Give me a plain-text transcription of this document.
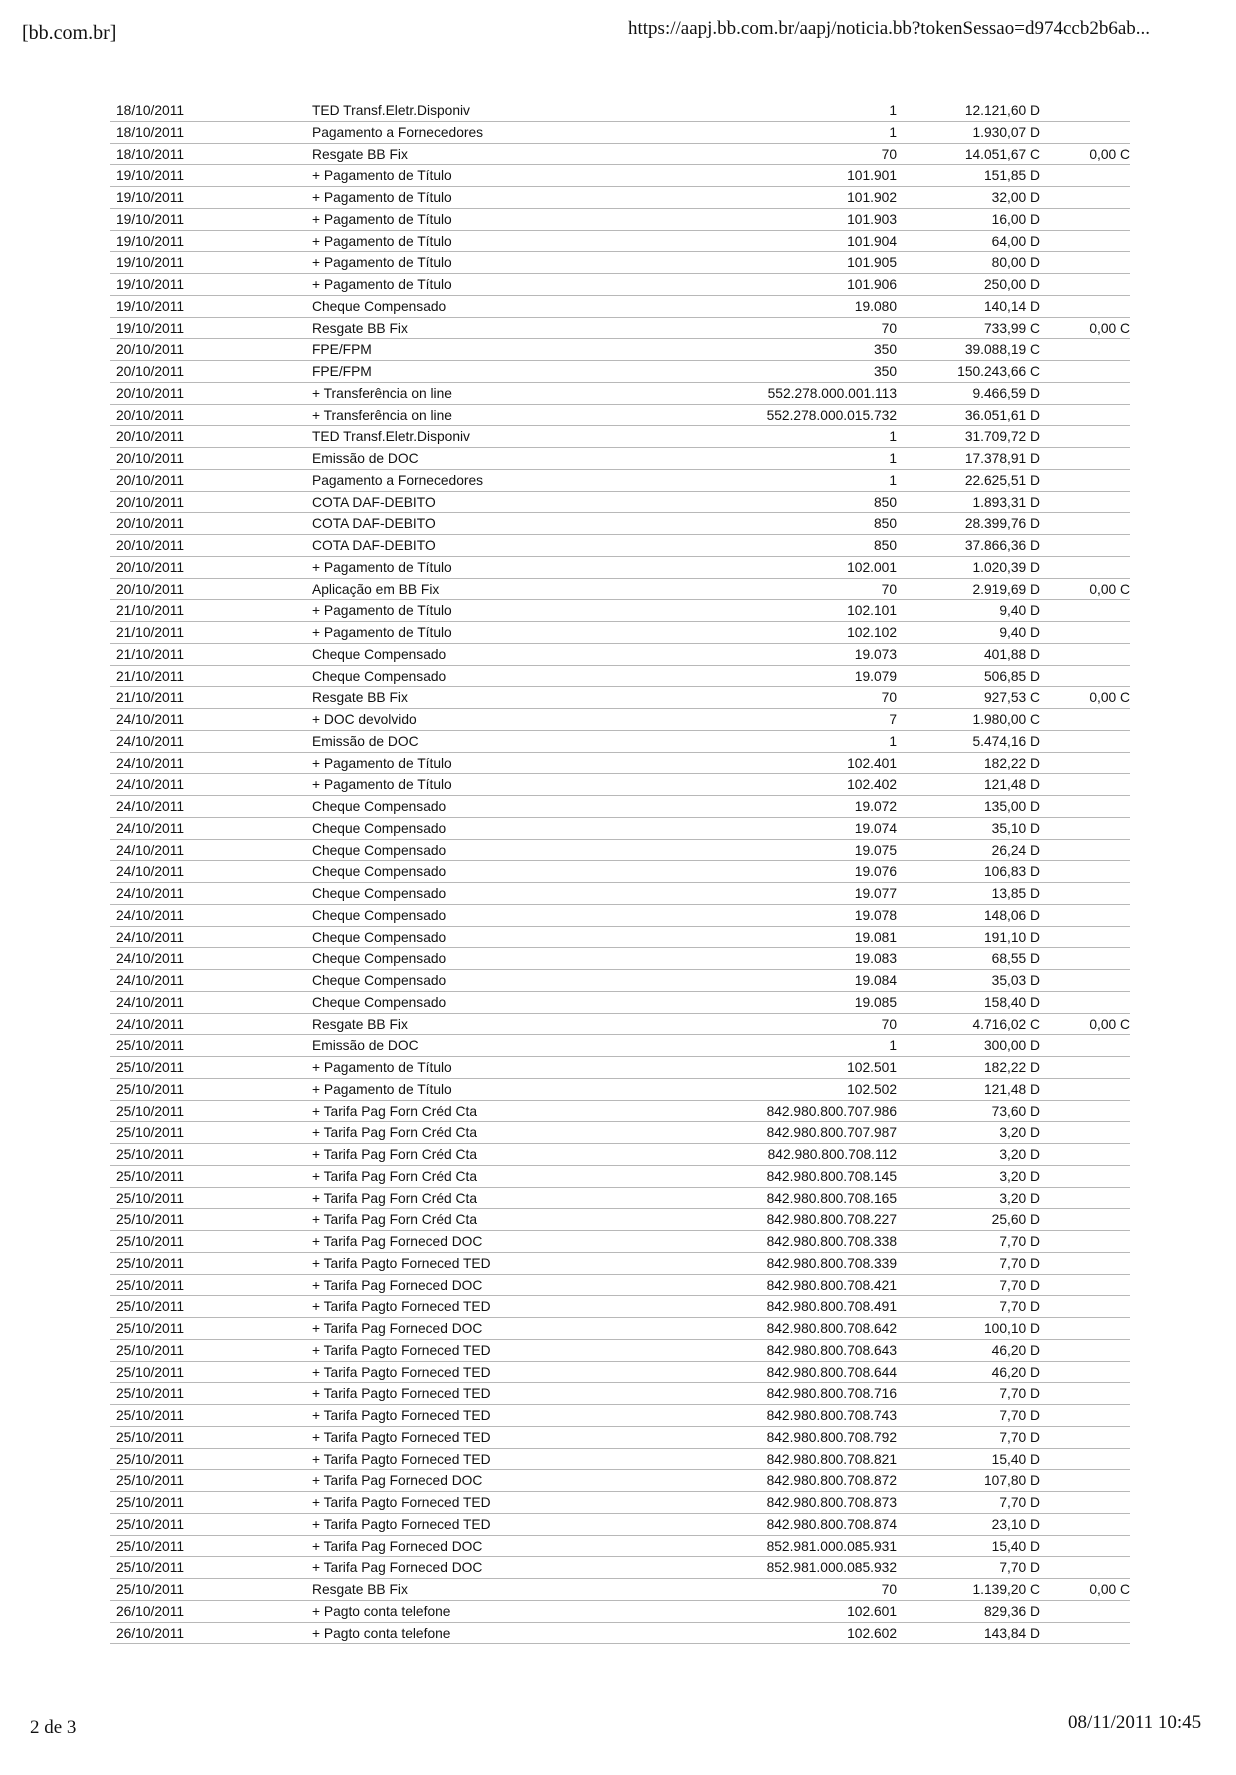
[bb.com.br]	https://aapj.bb.com.br/aapj/noticia.bb?tokenSessao=d974ccb2b6ab...
18/10/2011	TED Transf.Eletr.Disponiv	1	12.121,60 D
18/10/2011	Pagamento a Fornecedores	1	1.930,07 D
18/10/2011	Resgate BB Fix	70	14.051,67 C	0,00 C
19/10/2011	+ Pagamento de Título	101.901	151,85 D
19/10/2011	+ Pagamento de Título	101.902	32,00 D
19/10/2011	+ Pagamento de Título	101.903	16,00 D
19/10/2011	+ Pagamento de Título	101.904	64,00 D
19/10/2011	+ Pagamento de Título	101.905	80,00 D
19/10/2011	+ Pagamento de Título	101.906	250,00 D
19/10/2011	Cheque Compensado	19.080	140,14 D
19/10/2011	Resgate BB Fix	70	733,99 C	0,00 C
20/10/2011	FPE/FPM	350	39.088,19 C
20/10/2011	FPE/FPM	350	150.243,66 C
20/10/2011	+ Transferência on line	552.278.000.001.113	9.466,59 D
20/10/2011	+ Transferência on line	552.278.000.015.732	36.051,61 D
20/10/2011	TED Transf.Eletr.Disponiv	1	31.709,72 D
20/10/2011	Emissão de DOC	1	17.378,91 D
20/10/2011	Pagamento a Fornecedores	1	22.625,51 D
20/10/2011	COTA DAF-DEBITO	850	1.893,31 D
20/10/2011	COTA DAF-DEBITO	850	28.399,76 D
20/10/2011	COTA DAF-DEBITO	850	37.866,36 D
20/10/2011	+ Pagamento de Título	102.001	1.020,39 D
20/10/2011	Aplicação em BB Fix	70	2.919,69 D	0,00 C
21/10/2011	+ Pagamento de Título	102.101	9,40 D
21/10/2011	+ Pagamento de Título	102.102	9,40 D
21/10/2011	Cheque Compensado	19.073	401,88 D
21/10/2011	Cheque Compensado	19.079	506,85 D
21/10/2011	Resgate BB Fix	70	927,53 C	0,00 C
24/10/2011	+ DOC devolvido	7	1.980,00 C
24/10/2011	Emissão de DOC	1	5.474,16 D
24/10/2011	+ Pagamento de Título	102.401	182,22 D
24/10/2011	+ Pagamento de Título	102.402	121,48 D
24/10/2011	Cheque Compensado	19.072	135,00 D
24/10/2011	Cheque Compensado	19.074	35,10 D
24/10/2011	Cheque Compensado	19.075	26,24 D
24/10/2011	Cheque Compensado	19.076	106,83 D
24/10/2011	Cheque Compensado	19.077	13,85 D
24/10/2011	Cheque Compensado	19.078	148,06 D
24/10/2011	Cheque Compensado	19.081	191,10 D
24/10/2011	Cheque Compensado	19.083	68,55 D
24/10/2011	Cheque Compensado	19.084	35,03 D
24/10/2011	Cheque Compensado	19.085	158,40 D
24/10/2011	Resgate BB Fix	70	4.716,02 C	0,00 C
25/10/2011	Emissão de DOC	1	300,00 D
25/10/2011	+ Pagamento de Título	102.501	182,22 D
25/10/2011	+ Pagamento de Título	102.502	121,48 D
25/10/2011	+ Tarifa Pag Forn Créd Cta	842.980.800.707.986	73,60 D
25/10/2011	+ Tarifa Pag Forn Créd Cta	842.980.800.707.987	3,20 D
25/10/2011	+ Tarifa Pag Forn Créd Cta	842.980.800.708.112	3,20 D
25/10/2011	+ Tarifa Pag Forn Créd Cta	842.980.800.708.145	3,20 D
25/10/2011	+ Tarifa Pag Forn Créd Cta	842.980.800.708.165	3,20 D
25/10/2011	+ Tarifa Pag Forn Créd Cta	842.980.800.708.227	25,60 D
25/10/2011	+ Tarifa Pag Forneced DOC	842.980.800.708.338	7,70 D
25/10/2011	+ Tarifa Pagto Forneced TED	842.980.800.708.339	7,70 D
25/10/2011	+ Tarifa Pag Forneced DOC	842.980.800.708.421	7,70 D
25/10/2011	+ Tarifa Pagto Forneced TED	842.980.800.708.491	7,70 D
25/10/2011	+ Tarifa Pag Forneced DOC	842.980.800.708.642	100,10 D
25/10/2011	+ Tarifa Pagto Forneced TED	842.980.800.708.643	46,20 D
25/10/2011	+ Tarifa Pagto Forneced TED	842.980.800.708.644	46,20 D
25/10/2011	+ Tarifa Pagto Forneced TED	842.980.800.708.716	7,70 D
25/10/2011	+ Tarifa Pagto Forneced TED	842.980.800.708.743	7,70 D
25/10/2011	+ Tarifa Pagto Forneced TED	842.980.800.708.792	7,70 D
25/10/2011	+ Tarifa Pagto Forneced TED	842.980.800.708.821	15,40 D
25/10/2011	+ Tarifa Pag Forneced DOC	842.980.800.708.872	107,80 D
25/10/2011	+ Tarifa Pagto Forneced TED	842.980.800.708.873	7,70 D
25/10/2011	+ Tarifa Pagto Forneced TED	842.980.800.708.874	23,10 D
25/10/2011	+ Tarifa Pag Forneced DOC	852.981.000.085.931	15,40 D
25/10/2011	+ Tarifa Pag Forneced DOC	852.981.000.085.932	7,70 D
25/10/2011	Resgate BB Fix	70	1.139,20 C	0,00 C
26/10/2011	+ Pagto conta telefone	102.601	829,36 D
26/10/2011	+ Pagto conta telefone	102.602	143,84 D
2 de 3	08/11/2011 10:45
